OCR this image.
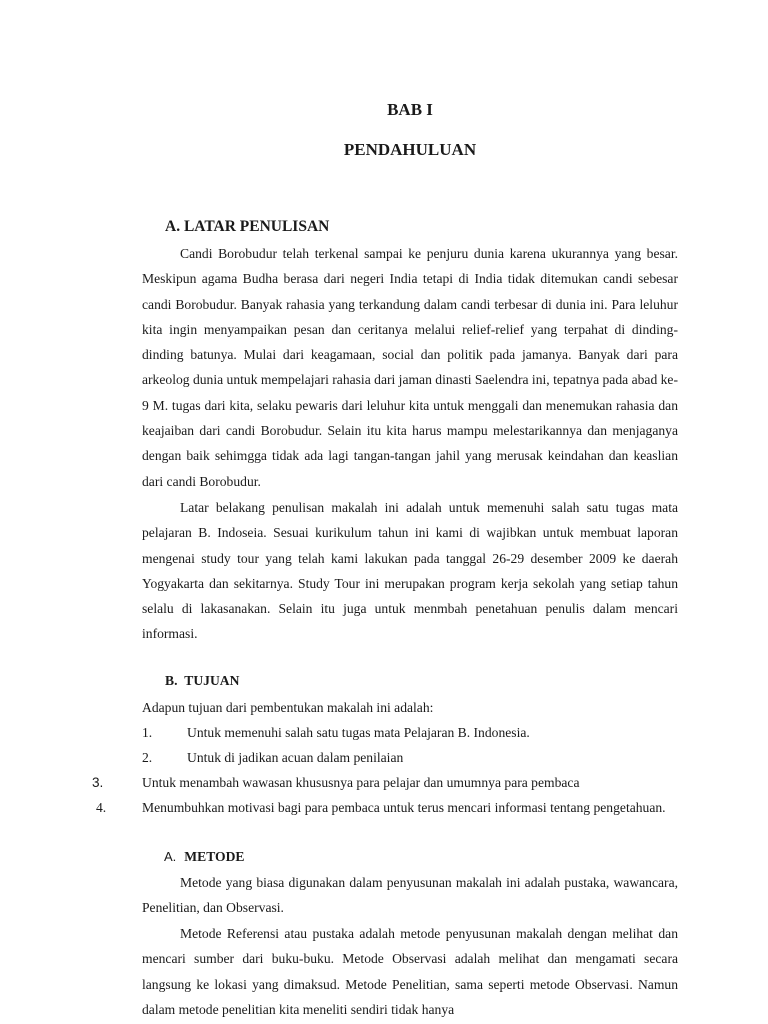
BAB I
PENDAHULUAN
A. LATAR PENULISAN

Candi Borobudur telah terkenal sampai ke penjuru dunia karena ukurannya yang besar. Meskipun agama Budha berasa dari negeri India tetapi di India tidak ditemukan candi sebesar candi Borobudur. Banyak rahasia yang terkandung dalam candi terbesar di dunia ini. Para leluhur kita ingin menyampaikan pesan dan ceritanya melalui relief-relief yang terpahat di dinding-dinding batunya. Mulai dari keagamaan, social dan politik pada jamanya. Banyak dari para arkeolog dunia untuk mempelajari rahasia dari jaman dinasti Saelendra ini, tepatnya pada abad ke-9 M. tugas dari kita, selaku pewaris dari leluhur kita untuk menggali dan menemukan rahasia dan keajaiban dari candi Borobudur. Selain itu kita harus mampu melestarikannya dan menjaganya dengan baik sehimgga tidak ada lagi tangan-tangan jahil yang merusak keindahan dan keaslian dari candi Borobudur.

Latar belakang penulisan makalah ini adalah untuk memenuhi salah satu tugas mata pelajaran B. Indoseia. Sesuai kurikulum tahun ini kami di wajibkan untuk membuat laporan mengenai study tour yang telah kami lakukan pada tanggal 26-29 desember 2009 ke daerah Yogyakarta dan sekitarnya. Study Tour ini merupakan program kerja sekolah yang setiap tahun selalu di lakasanakan. Selain itu juga untuk menmbah penetahuan penulis dalam mencari informasi.

B. TUJUAN

Adapun tujuan dari pembentukan makalah ini adalah:

1.	Untuk memenuhi salah satu tugas mata Pelajaran B. Indonesia.
2.	Untuk di jadikan acuan dalam penilaian
3.	Untuk menambah wawasan khususnya para pelajar dan umumnya para pembaca
4.	Menumbuhkan motivasi bagi para pembaca untuk terus mencari informasi tentang pengetahuan.
A. METODE

Metode yang biasa digunakan dalam penyusunan makalah ini adalah pustaka, wawancara, Penelitian, dan Observasi.

Metode Referensi atau pustaka adalah metode penyusunan makalah dengan melihat dan mencari sumber dari buku-buku. Metode Observasi adalah melihat dan mengamati secara langsung ke lokasi yang dimaksud. Metode Penelitian, sama seperti metode Observasi. Namun dalam metode penelitian kita meneliti sendiri tidak hanya
